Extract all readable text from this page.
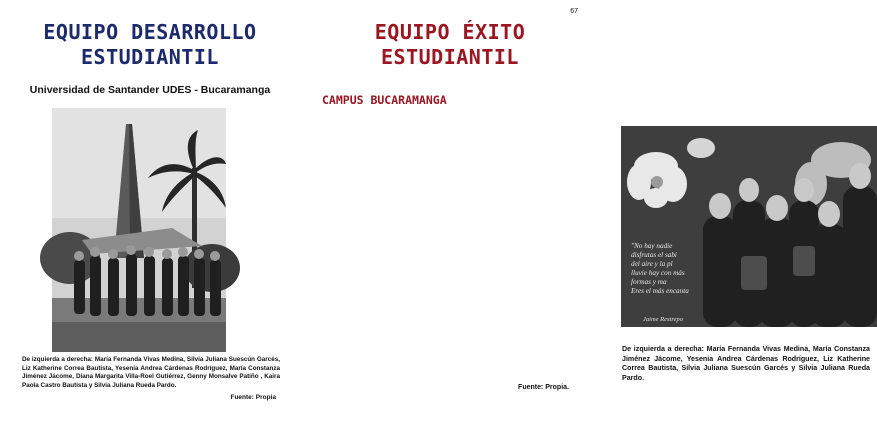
EQUIPO DESARROLLO
ESTUDIANTIL
Universidad de Santander UDES - Bucaramanga
De izquierda a derecha: María Fernanda Vivas Medina, Silvia Juliana Suescún Garcés, Liz Katherine Correa Bautista, Yesenia Andrea Cárdenas Rodríguez, María Constanza Jiménez Jácome, Diana Margarita Villa-Roel Gutiérrez, Genny Monsalve Patiño , Kaira Paola Castro Bautista y Silvia Juliana Rueda Pardo.
Fuente: Propia
67
EQUIPO ÉXITO
ESTUDIANTIL
CAMPUS BUCARAMANGA
"No hay nadie
disfrutas el sabi
del aire y la pl
lluvie hay con más
formas y ma
Eres el más encanta
Jaime Restrepo
De izquierda a derecha: María Fernanda Vivas Medina, María Constanza Jiménez Jácome, Yesenia Andrea Cárdenas Rodríguez, Liz Katherine Correa Bautista, Silvia Juliana Suescún Garcés y Silvia Juliana Rueda Pardo.
Fuente: Propia.
